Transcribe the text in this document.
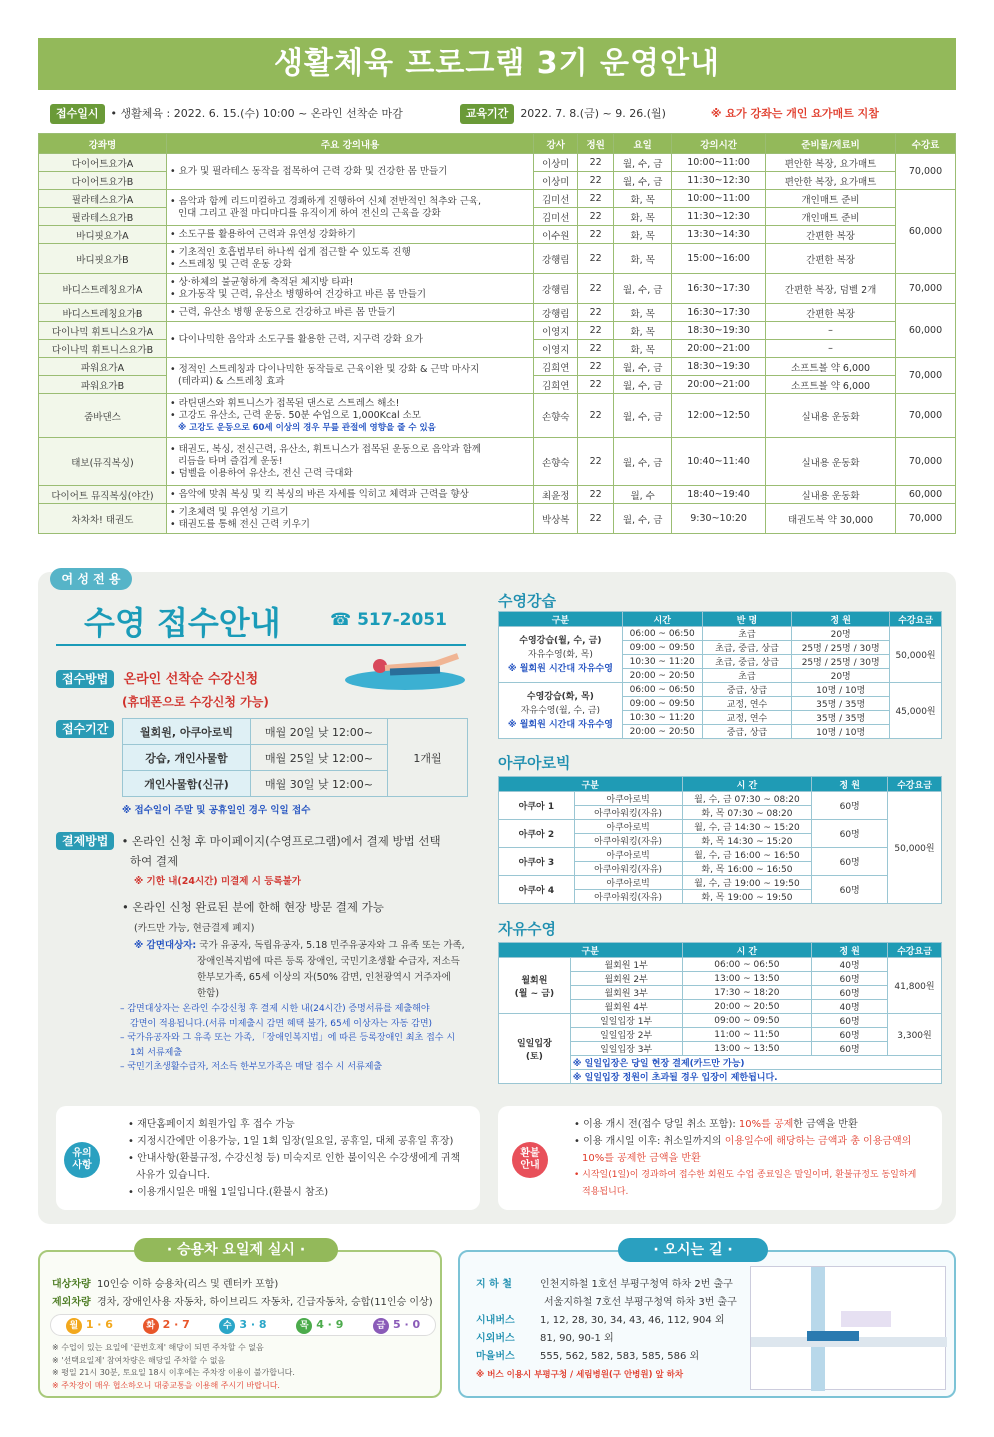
생활체육 프로그램 3기 운영안내
접수일시 • 생활체육 : 2022. 6. 15.(수) 10:00 ~ 온라인 선착순 마감	교육기간 2022. 7. 8.(금) ~ 9. 26.(월)	※ 요가 강좌는 개인 요가매트 지참
강좌명	주요 강의내용	강사	정원	요일	강의시간	준비물/재료비	수강료
다이어트요가A	• 요가 및 필라테스 동작을 접목하여 근력 강화 및 건강한 몸 만들기	이상미	22	월, 수, 금	10:00~11:00	편안한 복장, 요가매트	70,000
다이어트요가B		이상미	22	월, 수, 금	11:30~12:30	편안한 복장, 요가매트	
필라테스요가A	• 음악과 함께 리드미컬하고 경쾌하게 진행하여 신체 전반적인 척추와 근육,
인대 그리고 관절 마디마디를 유직이게 하여 전신의 근육을 강화	김미선	22	화, 목	10:00~11:00	개인매트 준비	60,000
필라테스요가B		김미선	22	화, 목	11:30~12:30	개인매트 준비	
바디핏요가A	• 소도구를 활용하여 근력과 유연성 강화하기	이수원	22	화, 목	13:30~14:30	간편한 복장	
바디핏요가B	• 기초적인 호흡법부터 하나씩 쉽게 접근할 수 있도록 진행
• 스트레칭 및 근력 운동 강화	강행림	22	화, 목	15:00~16:00	간편한 복장	
바디스트레칭요가A	• 상·하체의 불균형하게 축적된 체지방 타파!
• 요가동작 및 근력, 유산소 병행하여 건강하고 바른 몸 만들기	강행림	22	월, 수, 금	16:30~17:30	간편한 복장, 덤벨 2개	70,000
바디스트레칭요가B	• 근력, 유산소 병행 운동으로 건강하고 바른 몸 만들기	강행림	22	화, 목	16:30~17:30	간편한 복장	60,000
다이나믹 휘트니스요가A	• 다이나믹한 음악과 소도구를 활용한 근력, 지구력 강화 요가	이영지	22	화, 목	18:30~19:30	–	
다이나믹 휘트니스요가B		이영지	22	화, 목	20:00~21:00	–	
파워요가A	• 정적인 스트레칭과 다이나믹한 동작들로 근육이완 및 강화 & 근막 마사지
(테라피) & 스트레칭 효과	김희연	22	월, 수, 금	18:30~19:30	소프트볼 약 6,000	70,000
파워요가B		김희연	22	월, 수, 금	20:00~21:00	소프트볼 약 6,000	
줌바댄스	• 라틴댄스와 휘트니스가 접목된 댄스로 스트레스 해소!
• 고강도 유산소, 근력 운동. 50분 수업으로 1,000Kcal 소모
※ 고강도 운동으로 60세 이상의 경우 무릎 관절에 영향을 줄 수 있음	손향숙	22	월, 수, 금	12:00~12:50	실내용 운동화	70,000
태보(뮤직복싱)	• 태권도, 복싱, 전신근력, 유산소, 휘트니스가 접목된 운동으로 음악과 함께
리듬을 타며 즐겁게 운동!
• 덤벨을 이용하여 유산소, 전신 근력 극대화	손향숙	22	월, 수, 금	10:40~11:40	실내용 운동화	70,000
다이어트 뮤직복싱(야간)	• 음악에 맞춰 복싱 및 킥 복싱의 바른 자세를 익히고 체력과 근력을 향상	최윤정	22	월, 수	18:40~19:40	실내용 운동화	60,000
차차차! 태권도	• 기초체력 및 유연성 기르기
• 태권도를 통해 전신 근력 키우기	박상복	22	월, 수, 금	9:30~10:20	태권도복 약 30,000	70,000
여 성 전 용
수영 접수안내	☎ 517-2051
접수방법 온라인 선착순 수강신청
(휴대폰으로 수강신청 가능)
접수기간	월회원, 아쿠아로빅	매월 20일 낮 12:00~	1개월
강습, 개인사물함	매월 25일 낮 12:00~	
개인사물함(신규)	매월 30일 낮 12:00~	
※ 접수일이 주말 및 공휴일인 경우 익일 접수
결제방법 • 온라인 신청 후 마이페이지(수영프로그램)에서 결제 방법 선택
하여 결제
※ 기한 내(24시간) 미결제 시 등록불가
• 온라인 신청 완료된 분에 한해 현장 방문 결제 가능
(카드만 가능, 현금결제 폐지)
※ 감면대상자: 국가 유공자, 독립유공자, 5.18 민주유공자와 그 유족 또는 가족,
장애인복지법에 따른 등록 장애인, 국민기초생활 수급자, 저소득
한부모가족, 65세 이상의 자(50% 감면, 인천광역시 거주자에
한함)
– 감면대상자는 온라인 수강신청 후 결제 시한 내(24시간) 증명서류를 제출해야
감면이 적용됩니다.(서류 미제출시 감면 혜택 불가, 65세 이상자는 자동 감면)
– 국가유공자와 그 유족 또는 가족, 「장애인복지법」에 따른 등록장애인 최초 접수 시
1회 서류제출
– 국민기초생활수급자, 저소득 한부모가족은 매달 접수 시 서류제출
수영강습
구분	시간	반 명	정 원	수강요금

수영강습(월, 수, 금)
자유수영(화, 목)
※ 월회원 시간대 자유수영	06:00 ~ 06:50	초급	20명	50,000원
	09:00 ~ 09:50	초급, 중급, 상급	25명 / 25명 / 30명	
	10:30 ~ 11:20	초급, 중급, 상급	25명 / 25명 / 30명	
	20:00 ~ 20:50	초급	20명	

수영강습(화, 목)
자유수영(월, 수, 금)
※ 월회원 시간대 자유수영	06:00 ~ 06:50	중급, 상급	10명 / 10명	45,000원
	09:00 ~ 09:50	교정, 연수	35명 / 35명	
	10:30 ~ 11:20	교정, 연수	35명 / 35명	
	20:00 ~ 20:50	중급, 상급	10명 / 10명	
아쿠아로빅
구분		시 간	정 원	수강요금
아쿠아 1	아쿠아로빅	월, 수, 금 07:30 ~ 08:20	60명	50,000원
	아쿠아워킹(자유)	화, 목 07:30 ~ 08:20		
아쿠아 2	아쿠아로빅	월, 수, 금 14:30 ~ 15:20	60명	
	아쿠아워킹(자유)	화, 목 14:30 ~ 15:20		
아쿠아 3	아쿠아로빅	월, 수, 금 16:00 ~ 16:50	60명	
	아쿠아워킹(자유)	화, 목 16:00 ~ 16:50		
아쿠아 4	아쿠아로빅	월, 수, 금 19:00 ~ 19:50	60명	
	아쿠아워킹(자유)	화, 목 19:00 ~ 19:50		
자유수영
구분		시 간	정 원	수강요금
월회원
(월 ~ 금)	월회원 1부	06:00 ~ 06:50	40명	41,800원
	월회원 2부	13:00 ~ 13:50	60명	
	월회원 3부	17:30 ~ 18:20	60명	
	월회원 4부	20:00 ~ 20:50	40명	
일일입장
(토)	일일입장 1부	09:00 ~ 09:50	60명	3,300원
	일일입장 2부	11:00 ~ 11:50	60명	
	일일입장 3부	13:00 ~ 13:50	60명	
	※ 일일입장은 당일 현장 결제(카드만 가능)			
	※ 일일입장 정원이 초과될 경우 입장이 제한됩니다.			
유의
사항
• 재단홈페이지 회원가입 후 접수 가능
• 지정시간에만 이용가능, 1일 1회 입장(일요일, 공휴일, 대체 공휴일 휴장)
• 안내사항(환불규정, 수강신청 등) 미숙지로 인한 불이익은 수강생에게 귀책
사유가 있습니다.
• 이용개시일은 매월 1일입니다.(환불시 참조)
환불
안내
• 이용 개시 전(접수 당일 취소 포함): 10%를 공제한 금액을 반환
• 이용 개시일 이후: 취소일까지의 이용일수에 해당하는 금액과 총 이용금액의
10%를 공제한 금액을 반환
• 시작일(1일)이 경과하여 접수한 회원도 수업 종료일은 말일이며, 환불규정도 동일하게
적용됩니다.
· 승용차 요일제 실시 ·
대상차량 10인승 이하 승용차(리스 및 렌터카 포함)
제외차량 경차, 장애인사용 자동차, 하이브리드 자동차, 긴급자동차, 승합(11인승 이상)
월 1 · 6	화 2 · 7	수 3 · 8	목 4 · 9	금 5 · 0
※ 수업이 있는 요일에 '끝번호제' 해당이 되면 주차할 수 없음
※ '선택요일제' 참여차량은 해당일 주차할 수 없음
※ 평일 21시 30분, 토요일 18시 이후에는 주차장 이용이 불가합니다.
※ 주차장이 매우 협소하오니 대중교통을 이용해 주시기 바랍니다.
· 오시는 길 ·
지 하 철	인천지하철 1호선 부평구청역 하차 2번 출구
서울지하철 7호선 부평구청역 하차 3번 출구
시내버스	1, 12, 28, 30, 34, 43, 46, 112, 904 외
시외버스	81, 90, 90-1 외
마을버스	555, 562, 582, 583, 585, 586 외
※ 버스 이용시 부평구청 / 세림병원(구 안병원) 앞 하차
